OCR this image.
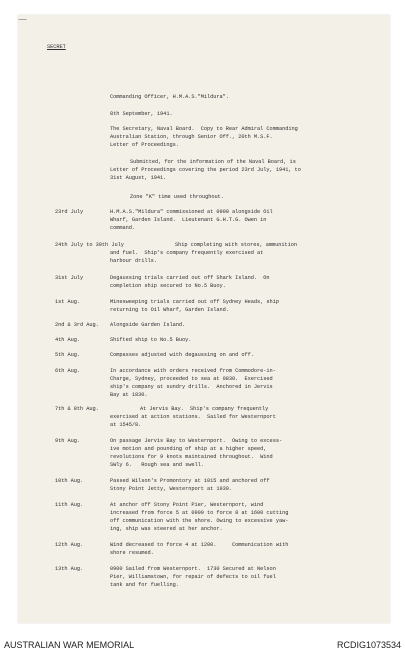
SECRET
—
Commanding Officer, H.M.A.S."Mildura".
8th September, 1941.
The Secretary, Naval Board.  Copy to Rear Admiral Commanding
Australian Station, through Senior Off., 20th M.S.F.
Letter of Proceedings.
Submitted, for the information of the Naval Board, is
Letter of Proceedings covering the period 23rd July, 1941, to
31st August, 1941.
Zone "K" time used throughout.
23rd July	H.M.A.S."Mildura" commissioned at 0900 alongside Oil
Wharf, Garden Island.  Lieutenant G.H.T.G. Owen in
command.
24th July to 30th July	Ship completing with stores, ammunition
and fuel.  Ship's company frequently exercised at
harbour drills.
31st July	Degaussing trials carried out off Shark Island.  On
completion ship secured to No.5 Buoy.
1st Aug.	Minesweeping trials carried out off Sydney Heads, ship
returning to Oil Wharf, Garden Island.
2nd & 3rd Aug. Alongside Garden Island.
4th Aug.	Shifted ship to No.5 Buoy.
5th Aug.	Compasses adjusted with degaussing on and off.
6th Aug.	In accordance with orders received from Commodore-in-
Charge, Sydney, proceeded to sea at 0830.  Exercised
ship's company at sundry drills.  Anchored in Jervis
Bay at 1830.
7th & 8th Aug.	At Jervis Bay.  Ship's company frequently
exercised at action stations.  Sailed for Westernport
at 1545/8.
9th Aug.	On passage Jervis Bay to Westernport.  Owing to excess-
ive motion and pounding of ship at a higher speed,
revolutions for 9 knots maintained throughout.  Wind
SWly 6.   Rough sea and swell.
10th Aug.	Passed Wilson's Promontory at 1015 and anchored off
Stony Point Jetty, Westernport at 1930.
11th Aug.	At anchor off Stony Point Pier, Westernport, wind
increased from force 5 at 0900 to force 8 at 1600 cutting
off communication with the shore. Owing to excessive yaw-
ing, ship was steered at her anchor.
12th Aug.	Wind decreased to force 4 at 1200.     Communication with
shore resumed.
13th Aug.	0900 Sailed from Westernport.  1730 Secured at Nelson
Pier, Williamstown, for repair of defects to oil fuel
tank and for fuelling.
AUSTRALIAN WAR MEMORIAL	RCDIG1073534
